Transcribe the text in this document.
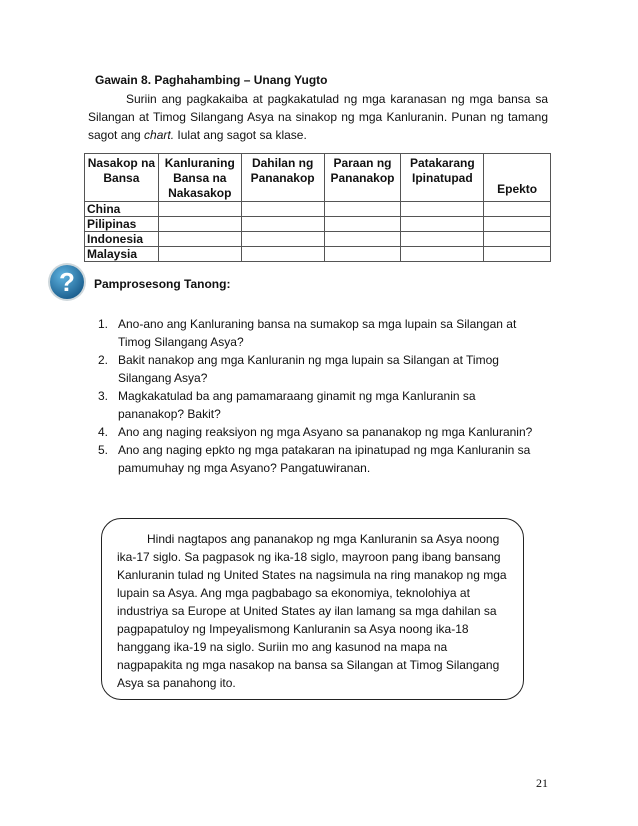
Gawain 8. Paghahambing – Unang Yugto
Suriin ang pagkakaiba at pagkakatulad ng mga karanasan ng mga bansa sa Silangan at Timog Silangang Asya na sinakop ng mga Kanluranin. Punan ng tamang sagot ang chart. Iulat ang sagot sa klase.
Nasakop na Bansa	Kanluraning Bansa na Nakasakop	Dahilan ng Pananakop	Paraan ng Pananakop	Patakarang Ipinatupad	Epekto
China					
Pilipinas					
Indonesia					
Malaysia					
? Pamprosesong Tanong:
1. Ano-ano ang Kanluraning bansa na sumakop sa mga lupain sa Silangan at Timog Silangang Asya?
2. Bakit nanakop ang mga Kanluranin ng mga lupain sa Silangan at Timog Silangang Asya?
3. Magkakatulad ba ang pamamaraang ginamit ng mga Kanluranin sa pananakop? Bakit?
4. Ano ang naging reaksiyon ng mga Asyano sa pananakop ng mga Kanluranin?
5. Ano ang naging epkto ng mga patakaran na ipinatupad ng mga Kanluranin sa pamumuhay ng mga Asyano? Pangatuwiranan.
Hindi nagtapos ang pananakop ng mga Kanluranin sa Asya noong ika-17 siglo. Sa pagpasok ng ika-18 siglo, mayroon pang ibang bansang Kanluranin tulad ng United States na nagsimula na ring manakop ng mga lupain sa Asya. Ang mga pagbabago sa ekonomiya, teknolohiya at industriya sa Europe at United States ay ilan lamang sa mga dahilan sa pagpapatuloy ng Impeyalismong Kanluranin sa Asya noong ika-18 hanggang ika-19 na siglo. Suriin mo ang kasunod na mapa na nagpapakita ng mga nasakop na bansa sa Silangan at Timog Silangang Asya sa panahong ito.
21
